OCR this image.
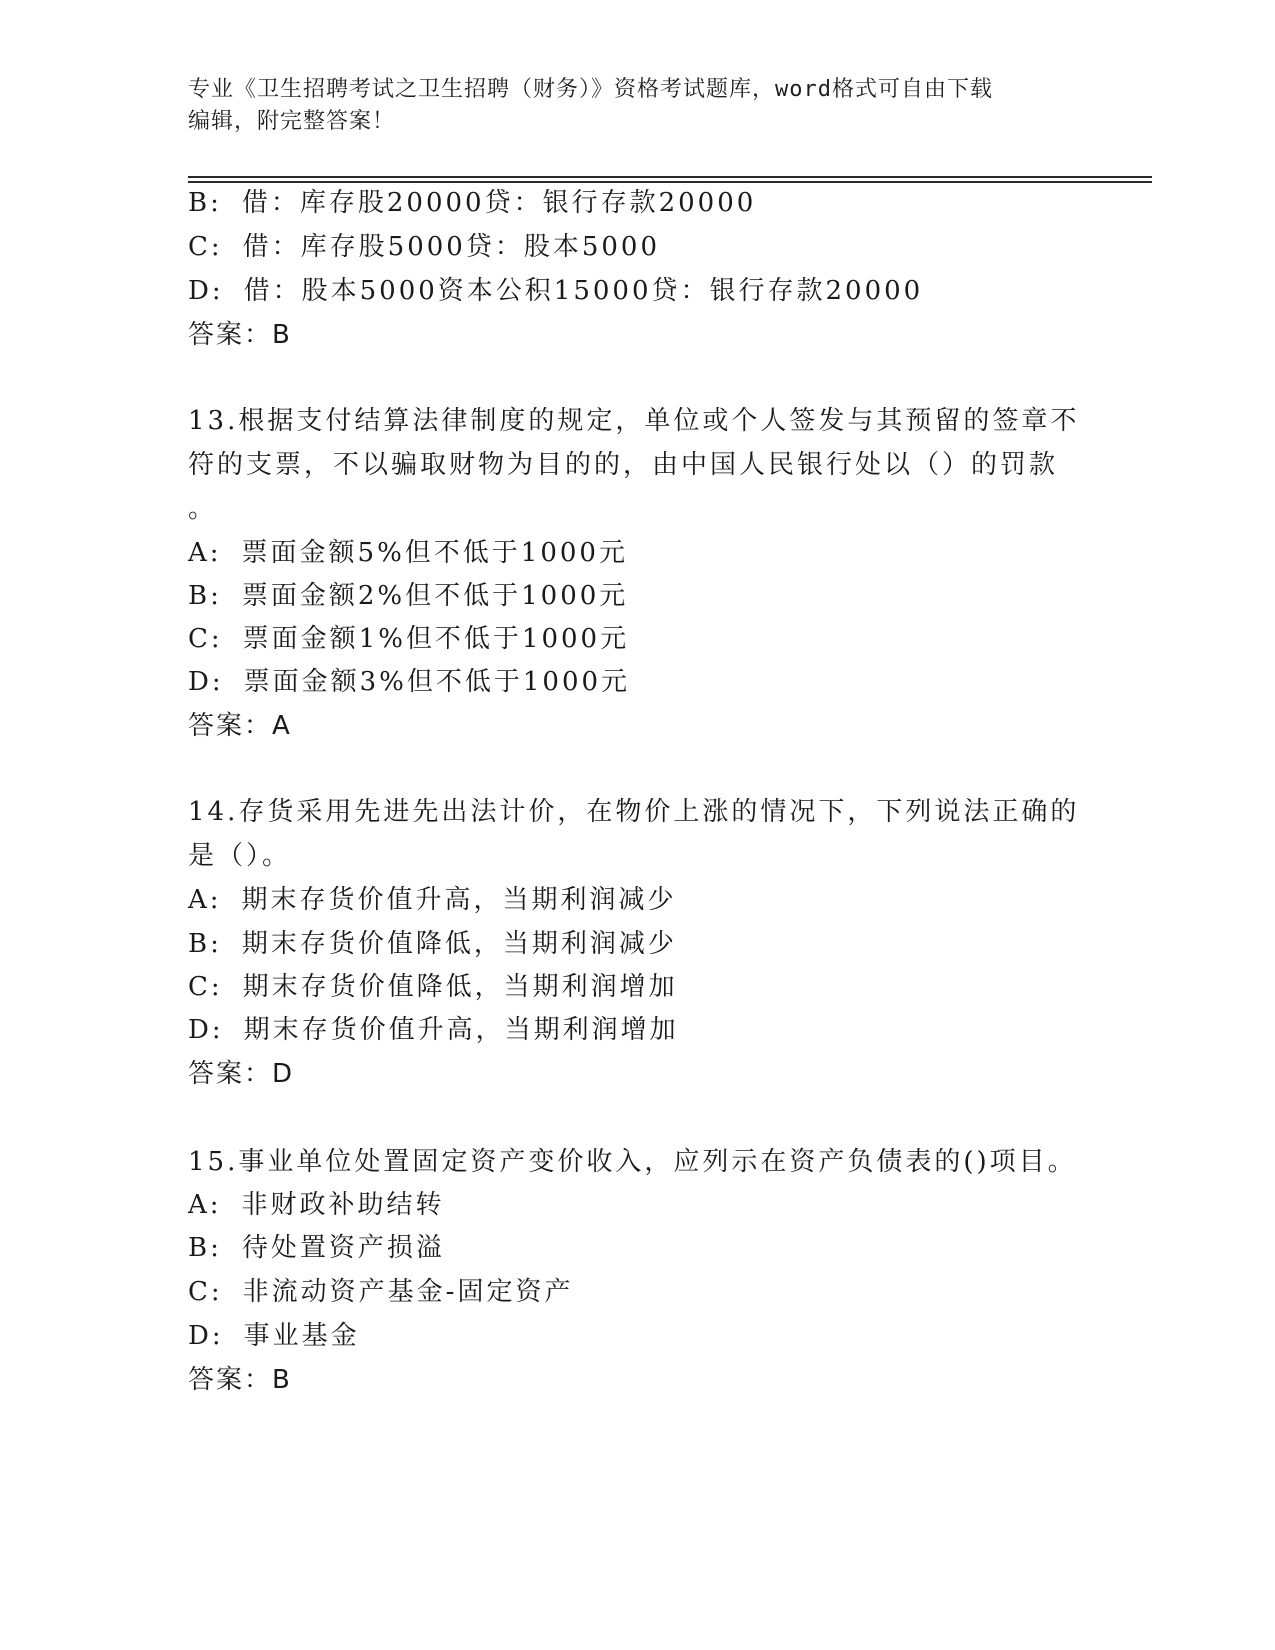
专业《卫生招聘考试之卫生招聘（财务）》资格考试题库，word格式可自由下载
编辑，附完整答案！
B: 借：库存股20000贷：银行存款20000
C: 借：库存股5000贷：股本5000
D: 借：股本5000资本公积15000贷：银行存款20000
答案：B
13.根据支付结算法律制度的规定，单位或个人签发与其预留的签章不
符的支票，不以骗取财物为目的的，由中国人民银行处以（）的罚款
。
A: 票面金额5%但不低于1000元
B: 票面金额2%但不低于1000元
C: 票面金额1%但不低于1000元
D: 票面金额3%但不低于1000元
答案：A
14.存货采用先进先出法计价，在物价上涨的情况下，下列说法正确的
是（）。
A: 期末存货价值升高，当期利润减少
B: 期末存货价值降低，当期利润减少
C: 期末存货价值降低，当期利润增加
D: 期末存货价值升高，当期利润增加
答案：D
15.事业单位处置固定资产变价收入，应列示在资产负债表的()项目。
A: 非财政补助结转
B: 待处置资产损溢
C: 非流动资产基金-固定资产
D: 事业基金
答案：B
